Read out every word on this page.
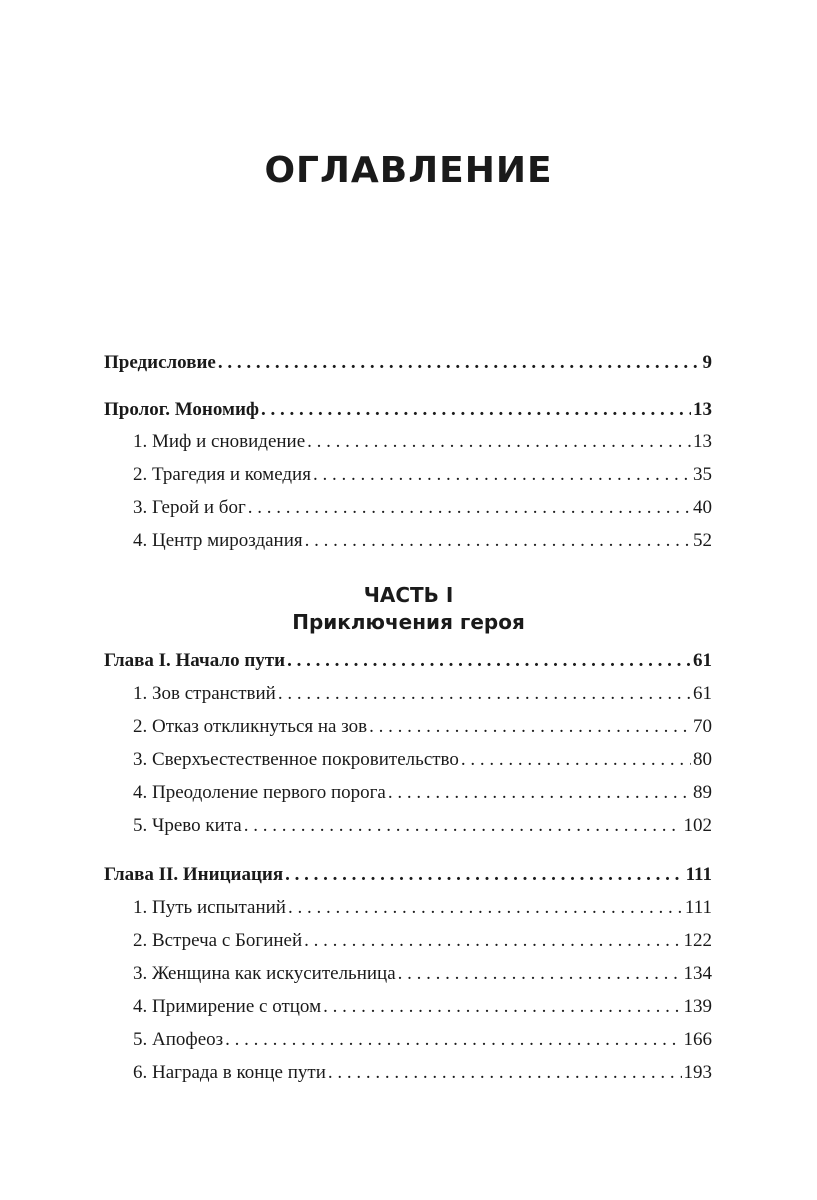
ОГЛАВЛЕНИЕ
Предисловие . . .	9
Пролог. Мономиф . . .	13
1. Миф и сновидение . . .	13
2. Трагедия и комедия . . .	35
3. Герой и бог . . .	40
4. Центр мироздания . . .	52
ЧАСТЬ I
Приключения героя
Глава I. Начало пути . . .	61
1. Зов странствий . . .	61
2. Отказ откликнуться на зов . . .	70
3. Сверхъестественное покровительство . . .	80
4. Преодоление первого порога . . .	89
5. Чрево кита . . .	102
Глава II. Инициация . . .	111
1. Путь испытаний . . .	111
2. Встреча с Богиней . . .	122
3. Женщина как искусительница . . .	134
4. Примирение с отцом . . .	139
5. Апофеоз . . .	166
6. Награда в конце пути . . .	193
